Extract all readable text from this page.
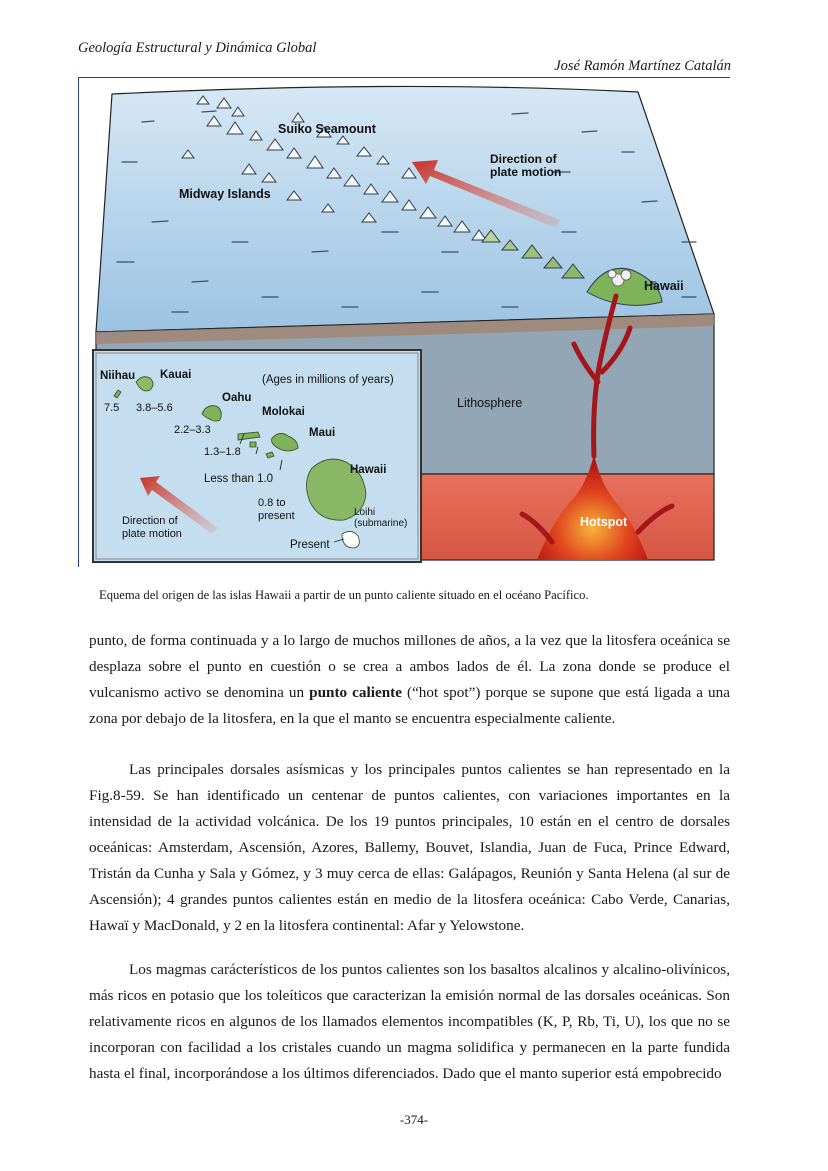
Geología Estructural y Dinámica Global
José Ramón Martínez Catalán
Suiko Seamount
Direction of
plate motion
Midway Islands
Hawaii
Lithosphere
Hotspot
(Ages in millions of years)
Niihau Kauai
7.5 3.8–5.6
Oahu
Molokai
2.2–3.3	Maui
1.3–1.8
Hawaii
Less than 1.0
0.8 to
present	Loihi
(submarine)
Present
Direction of
plate motion
Equema del origen de las islas Hawaii a partir de un punto caliente situado en el océano Pacífico.

punto, de forma continuada y a lo largo de muchos millones de años, a la vez que la litosfera oceánica se desplaza sobre el punto en cuestión o se crea a ambos lados de él. La zona donde se produce el vulcanismo activo se denomina un punto caliente (“hot spot”) porque se supone que está ligada a una zona por debajo de la litosfera, en la que el manto se encuentra especialmente caliente.

Las principales dorsales asísmicas y los principales puntos calientes se han representado en la Fig.8-59. Se han identificado un centenar de puntos calientes, con variaciones importantes en la intensidad de la actividad volcánica. De los 19 puntos principales, 10 están en el centro de dorsales oceánicas: Amsterdam, Ascensión, Azores, Ballemy, Bouvet, Islandia, Juan de Fuca, Prince Edward, Tristán da Cunha y Sala y Gómez, y 3 muy cerca de ellas: Galápagos, Reunión y Santa Helena (al sur de Ascensión); 4 grandes puntos calientes están en medio de la litosfera oceánica: Cabo Verde, Canarias, Hawaï y MacDonald, y 2 en la litosfera continental: Afar y Yelowstone.

Los magmas carácterísticos de los puntos calientes son los basaltos alcalinos y alcalino-olivínicos, más ricos en potasio que los toleíticos que caracterizan la emisión normal de las dorsales oceánicas. Son relativamente ricos en algunos de los llamados elementos incompatibles (K, P, Rb, Ti, U), los que no se incorporan con facilidad a los cristales cuando un magma solidifica y permanecen en la parte fundida hasta el final, incorporándose a los últimos diferenciados. Dado que el manto superior está empobrecido

-374-
